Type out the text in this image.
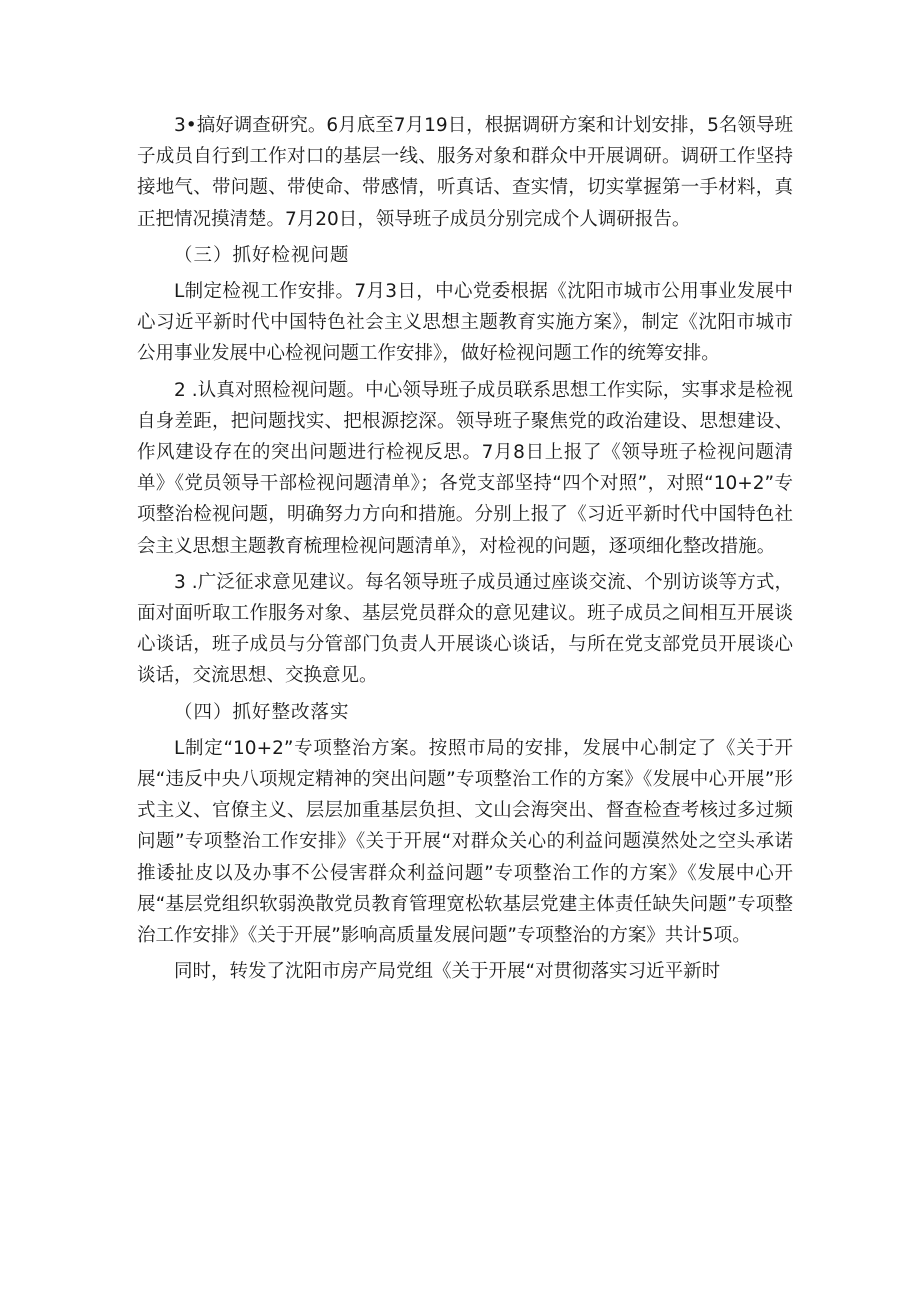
3•搞好调查研究。6月底至7月19日，根据调研方案和计划安排，5名领导班子成员自行到工作对口的基层一线、服务对象和群众中开展调研。调研工作坚持接地气、带问题、带使命、带感情，听真话、查实情，切实掌握第一手材料，真正把情况摸清楚。7月20日，领导班子成员分别完成个人调研报告。

（三）抓好检视问题

L制定检视工作安排。7月3日，中心党委根据《沈阳市城市公用事业发展中心习近平新时代中国特色社会主义思想主题教育实施方案》，制定《沈阳市城市公用事业发展中心检视问题工作安排》，做好检视问题工作的统筹安排。

2 .认真对照检视问题。中心领导班子成员联系思想工作实际，实事求是检视自身差距，把问题找实、把根源挖深。领导班子聚焦党的政治建设、思想建设、作风建设存在的突出问题进行检视反思。7月8日上报了《领导班子检视问题清单》《党员领导干部检视问题清单》；各党支部坚持“四个对照”，对照“10+2”专项整治检视问题，明确努力方向和措施。分别上报了《习近平新时代中国特色社会主义思想主题教育梳理检视问题清单》，对检视的问题，逐项细化整改措施。

3 .广泛征求意见建议。每名领导班子成员通过座谈交流、个别访谈等方式，面对面听取工作服务对象、基层党员群众的意见建议。班子成员之间相互开展谈心谈话，班子成员与分管部门负责人开展谈心谈话，与所在党支部党员开展谈心谈话，交流思想、交换意见。

（四）抓好整改落实

L制定“10+2”专项整治方案。按照市局的安排，发展中心制定了《关于开展“违反中央八项规定精神的突出问题”专项整治工作的方案》《发展中心开展”形式主义、官僚主义、层层加重基层负担、文山会海突出、督查检查考核过多过频问题”专项整治工作安排》《关于开展“对群众关心的利益问题漠然处之空头承诺推诿扯皮以及办事不公侵害群众利益问题”专项整治工作的方案》《发展中心开展“基层党组织软弱涣散党员教育管理宽松软基层党建主体责任缺失问题”专项整治工作安排》《关于开展”影响高质量发展问题”专项整治的方案》共计5项。

同时，转发了沈阳市房产局党组《关于开展“对贯彻落实习近平新时
